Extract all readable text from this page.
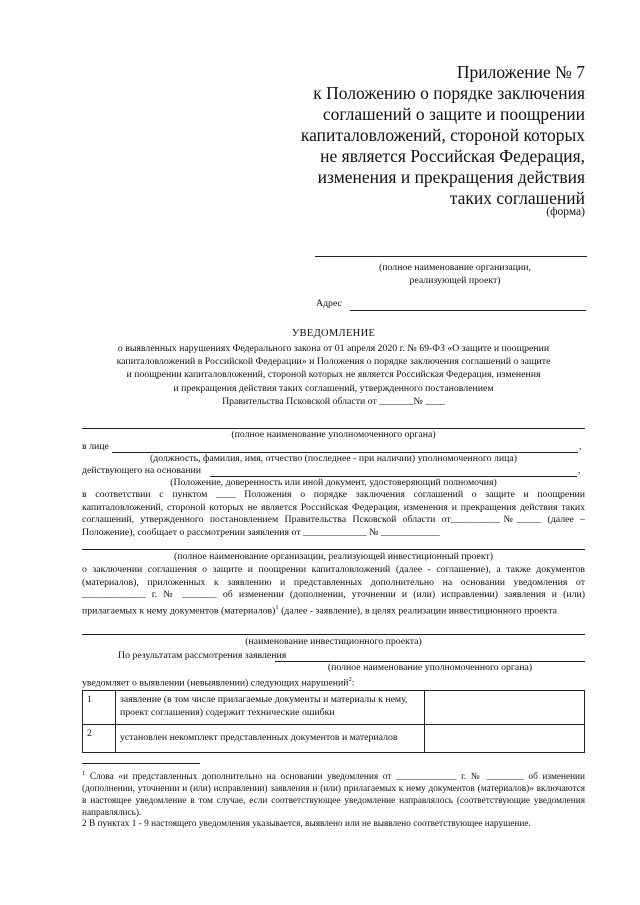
Приложение № 7
к Положению о порядке заключения
соглашений о защите и поощрении
капиталовложений, стороной которых
не является Российская Федерация,
изменения и прекращения действия
таких соглашений
(форма)
(полное наименование организации,
реализующей проект)
Адрес
УВЕДОМЛЕНИЕ
о выявленных нарушениях Федерального закона от 01 апреля 2020 г. № 69-ФЗ «О защите и поощрении
капиталовложений в Российской Федерации» и Положения о порядке заключения соглашений о защите
и поощрении капиталовложений, стороной которых не является Российская Федерация, изменения
и прекращения действия таких соглашений, утвержденного постановлением
Правительства Псковской области от _______№ ____
(полное наименование уполномоченного органа)
в лице	,
(должность, фамилия, имя, отчество (последнее - при наличии) уполномоченного лица)
действующего на основании	,
(Положение, доверенность или иной документ, удостоверяющий полномочия)
в соответствии с пунктом ____ Положения о порядке заключения соглашений о защите и поощрении капиталовложений, стороной которых не является Российская Федерация, изменения и прекращения действия таких соглашений, утвержденного постановлением Правительства Псковской области от__________№_____ (далее – Положение), сообщает о рассмотрении заявления от _____________ № ____________
(полное наименование организации, реализующей инвестиционный проект)
о заключении соглашения о защите и поощрении капиталовложений (далее - соглашение), а также документов (материалов), приложенных к заявлению и представленных дополнительно на основании уведомления от _____________ г. № _______ об изменении (дополнении, уточнении и (или) исправлении) заявления и (или) прилагаемых к нему документов (материалов)$^1$ (далее - заявление), в целях реализации инвестиционного проекта
(наименование инвестиционного проекта)
По результатам рассмотрения заявления
(полное наименование уполномоченного органа)
уведомляет о выявлении (невыявлении) следующих нарушений$^2$:
1	заявление (в том числе прилагаемые документы и материалы к нему, проект соглашения) содержит технические ошибки	
2	установлен некомплект представленных документов и материалов	
$^1$ Слова «и представленных дополнительно на основании уведомления от _____________ г. № ________ об изменении (дополнении, уточнении и (или) исправлении) заявления и (или) прилагаемых к нему документов (материалов)» включаются в настоящее уведомление в том случае, если соответствующее уведомление направлялось (соответствующие уведомления направлялись).
2 В пунктах 1 - 9 настоящего уведомления указывается, выявлено или не выявлено соответствующее нарушение.
